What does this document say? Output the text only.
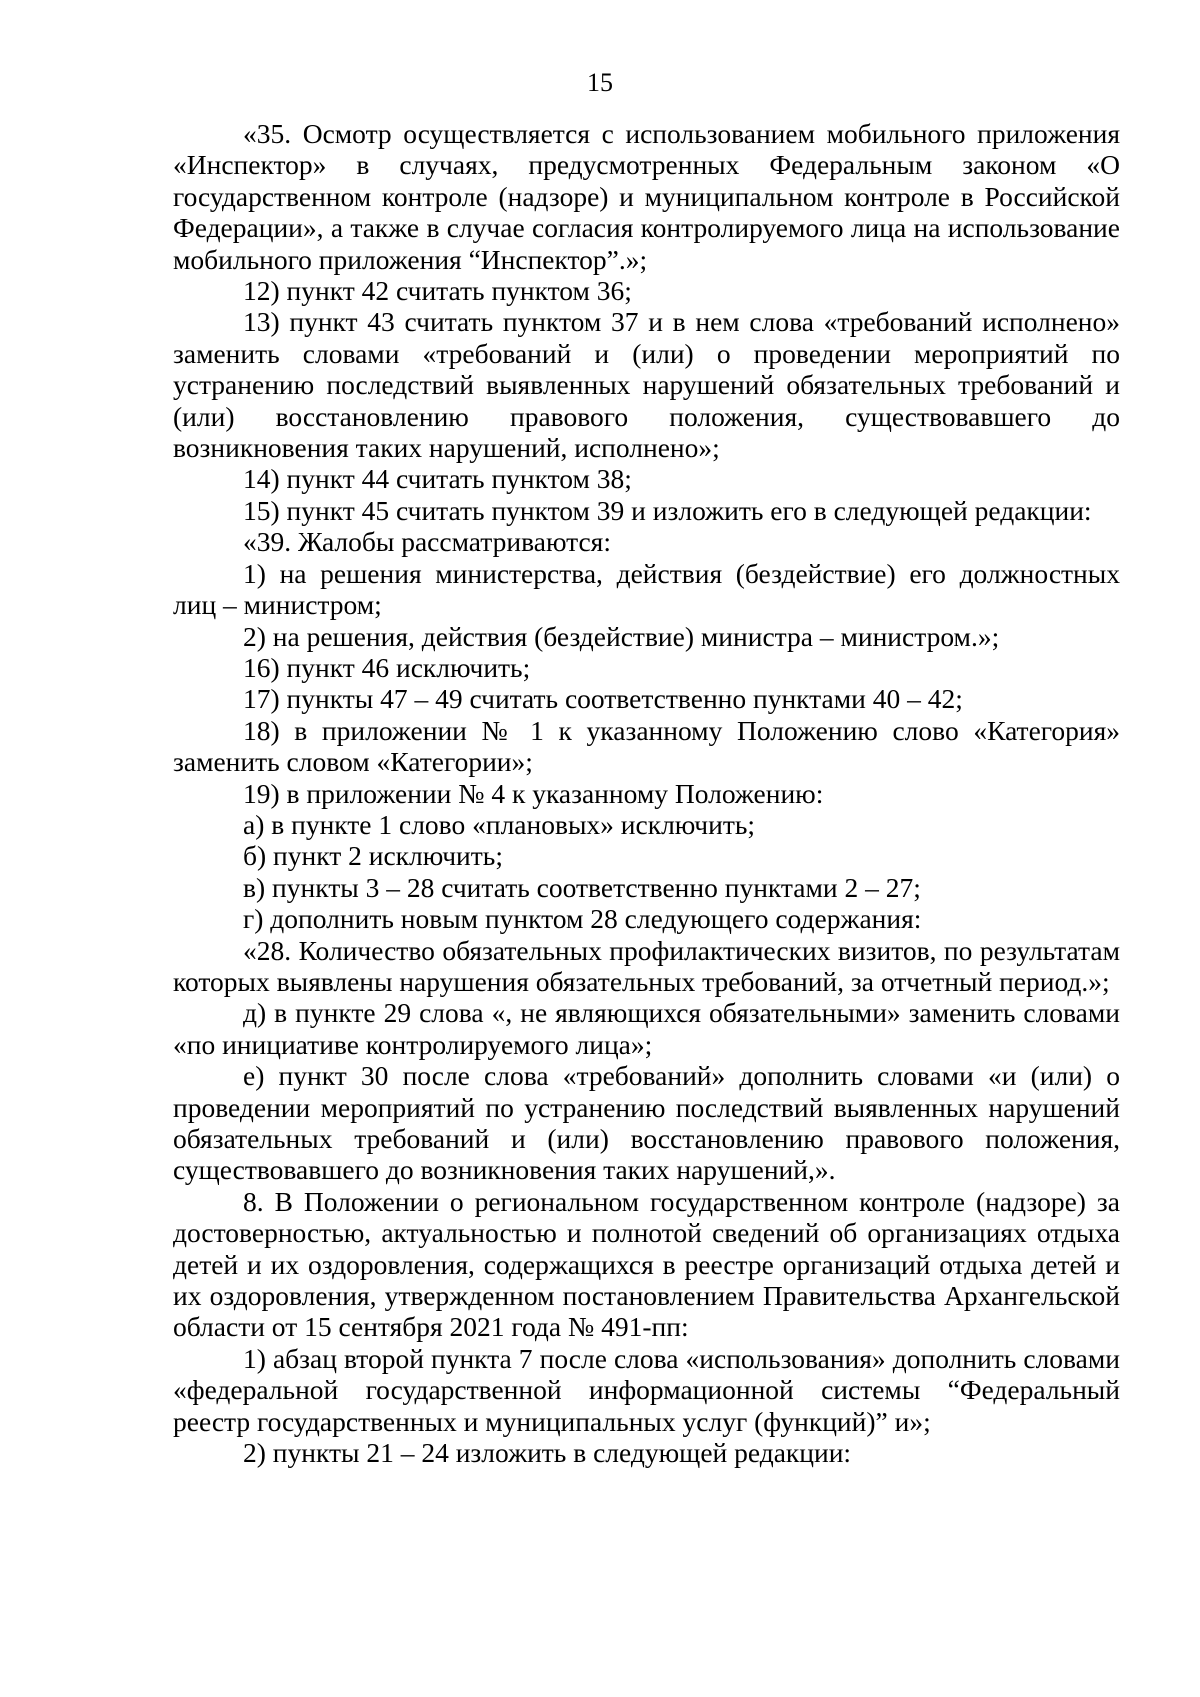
15

«35. Осмотр осуществляется с использованием мобильного приложения «Инспектор» в случаях, предусмотренных Федеральным законом «О государственном контроле (надзоре) и муниципальном контроле в Российской Федерации», а также в случае согласия контролируемого лица на использование мобильного приложения “Инспектор”.»;

12) пункт 42 считать пунктом 36;

13) пункт 43 считать пунктом 37 и в нем слова «требований исполнено» заменить словами «требований и (или) о проведении мероприятий по устранению последствий выявленных нарушений обязательных требований и (или) восстановлению правового положения, существовавшего до возникновения таких нарушений, исполнено»;

14) пункт 44 считать пунктом 38;

15) пункт 45 считать пунктом 39 и изложить его в следующей редакции:

«39. Жалобы рассматриваются:

1) на решения министерства, действия (бездействие) его должностных лиц – министром;

2) на решения, действия (бездействие) министра – министром.»;

16) пункт 46 исключить;

17) пункты 47 – 49 считать соответственно пунктами 40 – 42;

18) в приложении № 1 к указанному Положению слово «Категория» заменить словом «Категории»;

19) в приложении № 4 к указанному Положению:

а) в пункте 1 слово «плановых» исключить;

б) пункт 2 исключить;

в) пункты 3 – 28 считать соответственно пунктами 2 – 27;

г) дополнить новым пунктом 28 следующего содержания:

«28. Количество обязательных профилактических визитов, по результатам которых выявлены нарушения обязательных требований, за отчетный период.»;

д) в пункте 29 слова «, не являющихся обязательными» заменить словами «по инициативе контролируемого лица»;

е) пункт 30 после слова «требований» дополнить словами «и (или) о проведении мероприятий по устранению последствий выявленных нарушений обязательных требований и (или) восстановлению правового положения, существовавшего до возникновения таких нарушений,».

8. В Положении о региональном государственном контроле (надзоре) за достоверностью, актуальностью и полнотой сведений об организациях отдыха детей и их оздоровления, содержащихся в реестре организаций отдыха детей и их оздоровления, утвержденном постановлением Правительства Архангельской области от 15 сентября 2021 года № 491-пп:

1) абзац второй пункта 7 после слова «использования» дополнить словами «федеральной государственной информационной системы “Федеральный реестр государственных и муниципальных услуг (функций)” и»;

2) пункты 21 – 24 изложить в следующей редакции:
